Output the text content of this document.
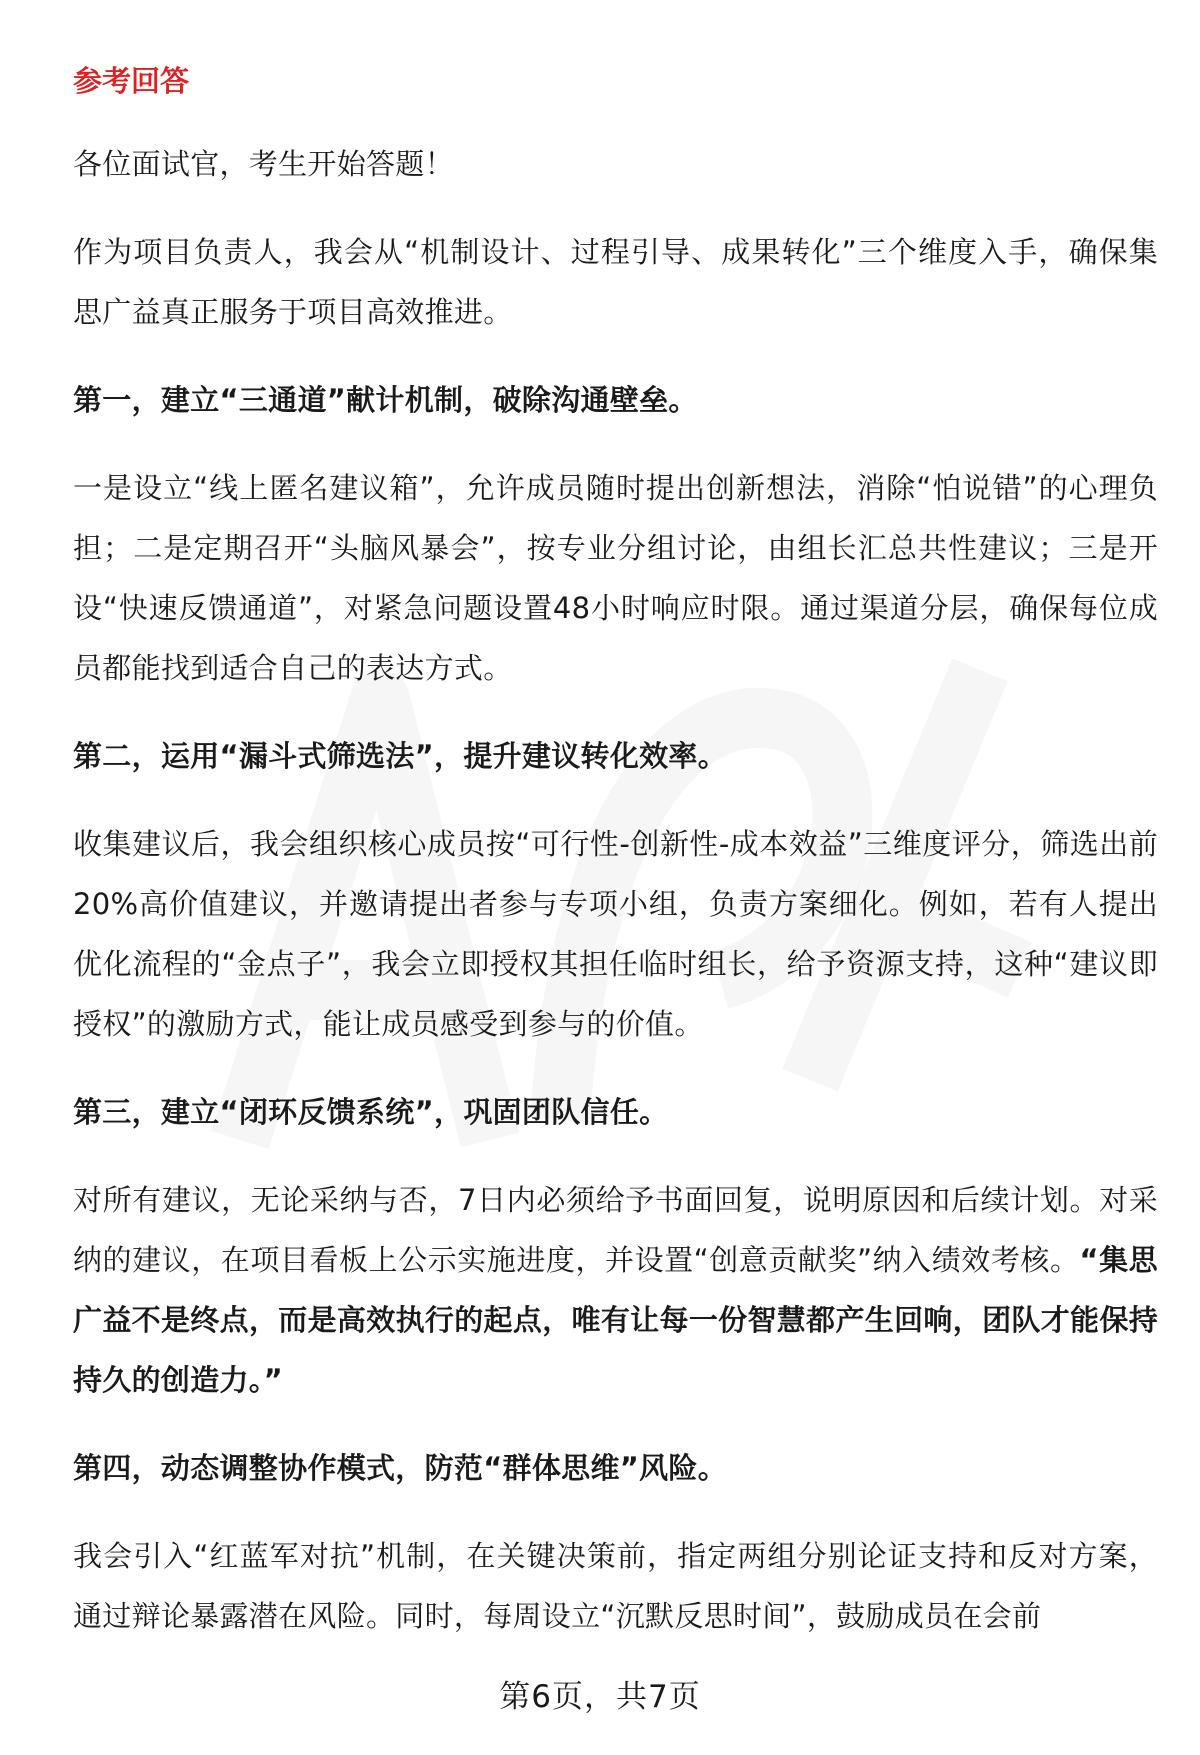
参考回答

各位面试官，考生开始答题！

作为项目负责人，我会从“机制设计、过程引导、成果转化”三个维度入手，确保集思广益真正服务于项目高效推进。

第一，建立“三通道”献计机制，破除沟通壁垒。

一是设立“线上匿名建议箱”，允许成员随时提出创新想法，消除“怕说错”的心理负担；二是定期召开“头脑风暴会”，按专业分组讨论，由组长汇总共性建议；三是开设“快速反馈通道”，对紧急问题设置48小时响应时限。通过渠道分层，确保每位成员都能找到适合自己的表达方式。

第二，运用“漏斗式筛选法”，提升建议转化效率。

收集建议后，我会组织核心成员按“可行性-创新性-成本效益”三维度评分，筛选出前20%高价值建议，并邀请提出者参与专项小组，负责方案细化。例如，若有人提出优化流程的“金点子”，我会立即授权其担任临时组长，给予资源支持，这种“建议即授权”的激励方式，能让成员感受到参与的价值。

第三，建立“闭环反馈系统”，巩固团队信任。

对所有建议，无论采纳与否，7日内必须给予书面回复，说明原因和后续计划。对采纳的建议，在项目看板上公示实施进度，并设置“创意贡献奖”纳入绩效考核。“集思广益不是终点，而是高效执行的起点，唯有让每一份智慧都产生回响，团队才能保持持久的创造力。”

第四，动态调整协作模式，防范“群体思维”风险。

我会引入“红蓝军对抗”机制，在关键决策前，指定两组分别论证支持和反对方案，通过辩论暴露潜在风险。同时，每周设立“沉默反思时间”，鼓励成员在会前

第6页，共7页
